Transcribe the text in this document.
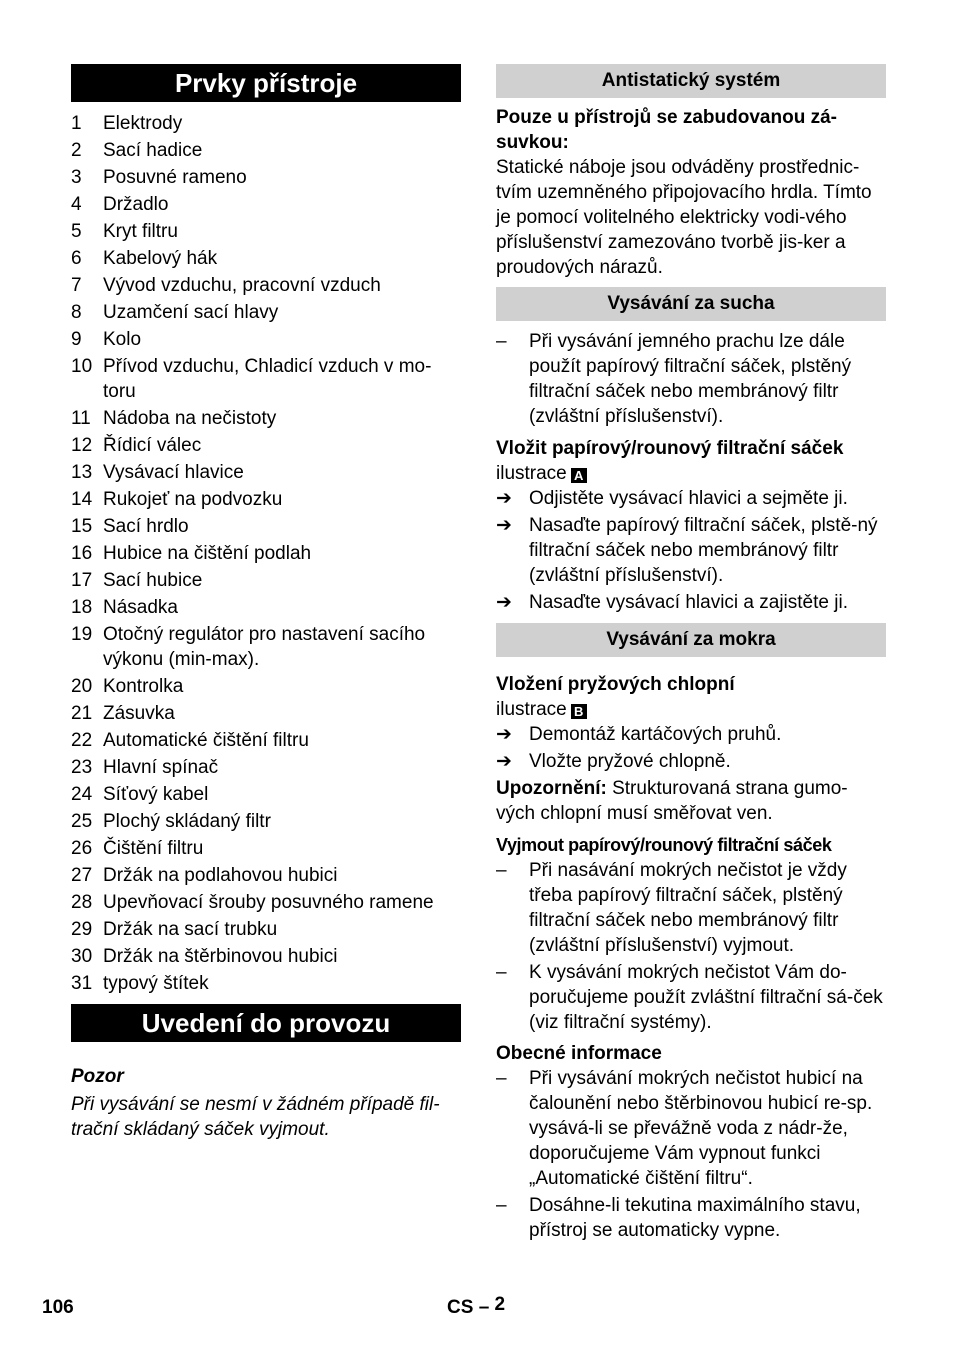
Prvky přístroje
1	Elektrody
2	Sací hadice
3	Posuvné rameno
4	Držadlo
5	Kryt filtru
6	Kabelový hák
7	Vývod vzduchu, pracovní vzduch
8	Uzamčení sací hlavy
9	Kolo
10 Přívod vzduchu, Chladicí vzduch v mo-toru
11 Nádoba na nečistoty
12 Řídicí válec
13 Vysávací hlavice
14 Rukojeť na podvozku
15 Sací hrdlo
16 Hubice na čištění podlah
17 Sací hubice
18 Násadka
19 Otočný regulátor pro nastavení sacího výkonu (min-max).
20 Kontrolka
21 Zásuvka
22 Automatické čištění filtru
23 Hlavní spínač
24 Síťový kabel
25 Plochý skládaný filtr
26 Čištění filtru
27 Držák na podlahovou hubici
28 Upevňovací šrouby posuvného ramene
29 Držák na sací trubku
30 Držák na štěrbinovou hubici
31 typový štítek
Uvedení do provozu
Pozor
Při vysávání se nesmí v žádném případě fil-trační skládaný sáček vyjmout.
Antistatický systém
Pouze u přístrojů se zabudovanou zá-suvkou:
Statické náboje jsou odváděny prostřednic-tvím uzemněného připojovacího hrdla. Tímto je pomocí volitelného elektricky vodi-vého příslušenství zamezováno tvorbě jis-ker a proudových nárazů.
Vysávání za sucha
–	Při vysávání jemného prachu lze dále použít papírový filtrační sáček, plstěný filtrační sáček nebo membránový filtr (zvláštní příslušenství).
Vložit papírový/rounový filtrační sáček
ilustrace A
➔ Odjistěte vysávací hlavici a sejměte ji.
➔ Nasaďte papírový filtrační sáček, plstě-ný filtrační sáček nebo membránový filtr (zvláštní příslušenství).
➔ Nasaďte vysávací hlavici a zajistěte ji.
Vysávání za mokra
Vložení pryžových chlopní
ilustrace B
➔ Demontáž kartáčových pruhů.
➔ Vložte pryžové chlopně.
Upozornění: Strukturovaná strana gumo-vých chlopní musí směřovat ven.
Vyjmout papírový/rounový filtrační sáček
–	Při nasávání mokrých nečistot je vždy třeba papírový filtrační sáček, plstěný filtrační sáček nebo membránový filtr (zvláštní příslušenství) vyjmout.
–	K vysávání mokrých nečistot Vám do-poručujeme použít zvláštní filtrační sá-ček (viz filtrační systémy).
Obecné informace
–	Při vysávání mokrých nečistot hubicí na čalounění nebo štěrbinovou hubicí re-sp. vysává-li se převážně voda z nádr-že, doporučujeme Vám vypnout funkci „Automatické čištění filtru“.
–	Dosáhne-li tekutina maximálního stavu, přístroj se automaticky vypne.
106	CS – 2
